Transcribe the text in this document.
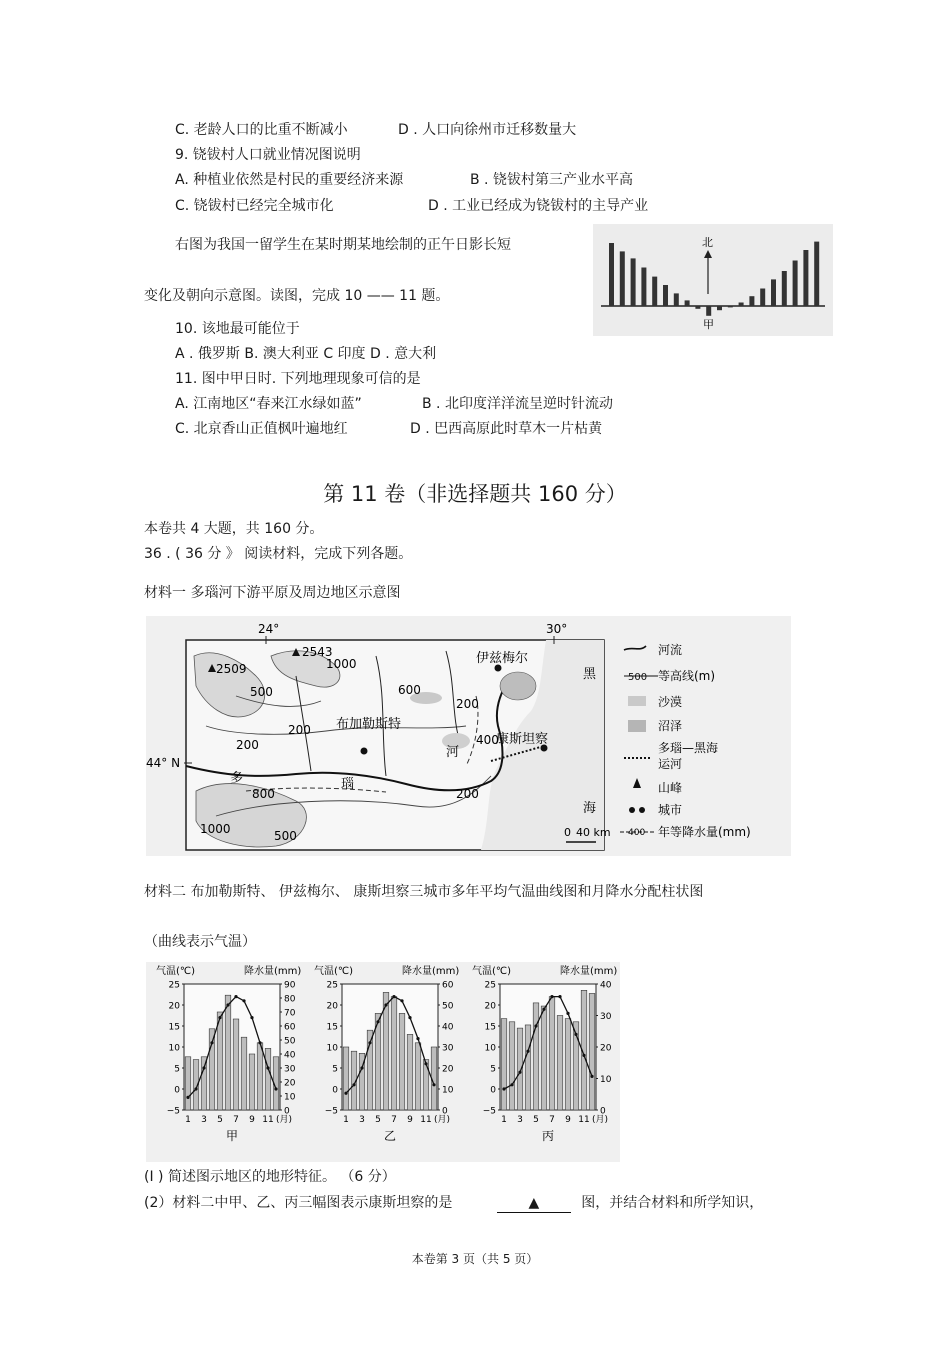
C. 老龄人口的比重不断减小	D . 人口向徐州市迁移数量大
9. 铙钹村人口就业情况图说明
A. 种植业依然是村民的重要经济来源	B . 铙钹村第三产业水平高
C. 铙钹村已经完全城市化	D . 工业已经成为铙钹村的主导产业
右图为我国一留学生在某时期某地绘制的正午日影长短
变化及朝向示意图。读图，完成 10 —— 11 题。
北
甲
10. 该地最可能位于
A . 俄罗斯 B. 澳大利亚 C 印度 D . 意大利
11. 图中甲日时. 下列地理现象可信的是
A. 江南地区“春来江水绿如蓝”	B . 北印度洋洋流呈逆时针流动
C. 北京香山正值枫叶遍地红	D . 巴西高原此时草木一片枯黄
第 11 卷（非选择题共 160 分）
本卷共 4 大题，共 160 分。
36 . ( 36 分 》 阅读材料，完成下列各题。
材料一 多瑙河下游平原及周边地区示意图
24°	30°
44° N
2509
2543
1000
500	600
200
200
200
400
800	200
1000	500
布加勒斯特
伊兹梅尔
康斯坦察
河
多	瑙
黑
海
0 40 km
河流
500 等高线(m)
沙漠
沼泽
多瑙—黑海
运河
山峰
城市
400 年等降水量(mm)
材料二 布加勒斯特、 伊兹梅尔、 康斯坦察三城市多年平均气温曲线图和月降水分配柱状图
（曲线表示气温）
气温(℃)	降水量(mm)
25
20
15
10
5
0
−5
90
80
70
60
50
40
30
20
10
0
1 3 5 7 9 11 (月)
甲
气温(℃)	降水量(mm)
25
20
15
10
5
0
−5
60
50
40
30
20
10
0
1 3 5 7 9 11 (月)
乙
气温(℃)	降水量(mm)
25
20
15
10
5
0
−5
40
30
20
10
0
1 3 5 7 9 11 (月)
丙
(I ) 简述图示地区的地形特征。 （6 分）
(2）材料二中甲、乙、丙三幅图表示康斯坦察的是	▲	图，并结合材料和所学知识，
本卷第 3 页（共 5 页）
